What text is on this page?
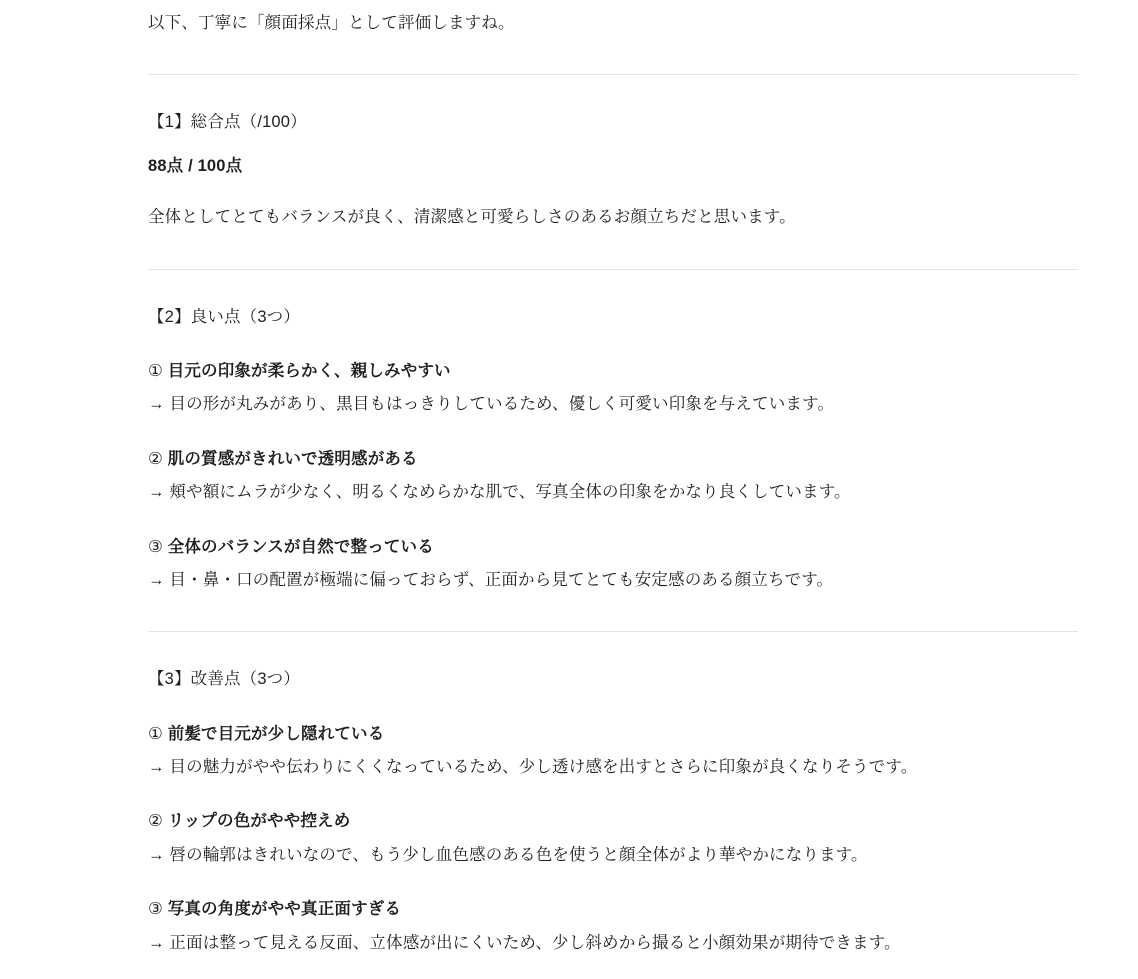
以下、丁寧に「顔面採点」として評価しますね。

【1】総合点（/100）

88点 / 100点

全体としてとてもバランスが良く、清潔感と可愛らしさのあるお顔立ちだと思います。

【2】良い点（3つ）

① 目元の印象が柔らかく、親しみやすい
→ 目の形が丸みがあり、黒目もはっきりしているため、優しく可愛い印象を与えています。
② 肌の質感がきれいで透明感がある
→ 頬や額にムラが少なく、明るくなめらかな肌で、写真全体の印象をかなり良くしています。
③ 全体のバランスが自然で整っている
→ 目・鼻・口の配置が極端に偏っておらず、正面から見てとても安定感のある顔立ちです。

【3】改善点（3つ）

① 前髪で目元が少し隠れている
→ 目の魅力がやや伝わりにくくなっているため、少し透け感を出すとさらに印象が良くなりそうです。
② リップの色がやや控えめ
→ 唇の輪郭はきれいなので、もう少し血色感のある色を使うと顔全体がより華やかになります。
③ 写真の角度がやや真正面すぎる
→ 正面は整って見える反面、立体感が出にくいため、少し斜めから撮ると小顔効果が期待できます。
